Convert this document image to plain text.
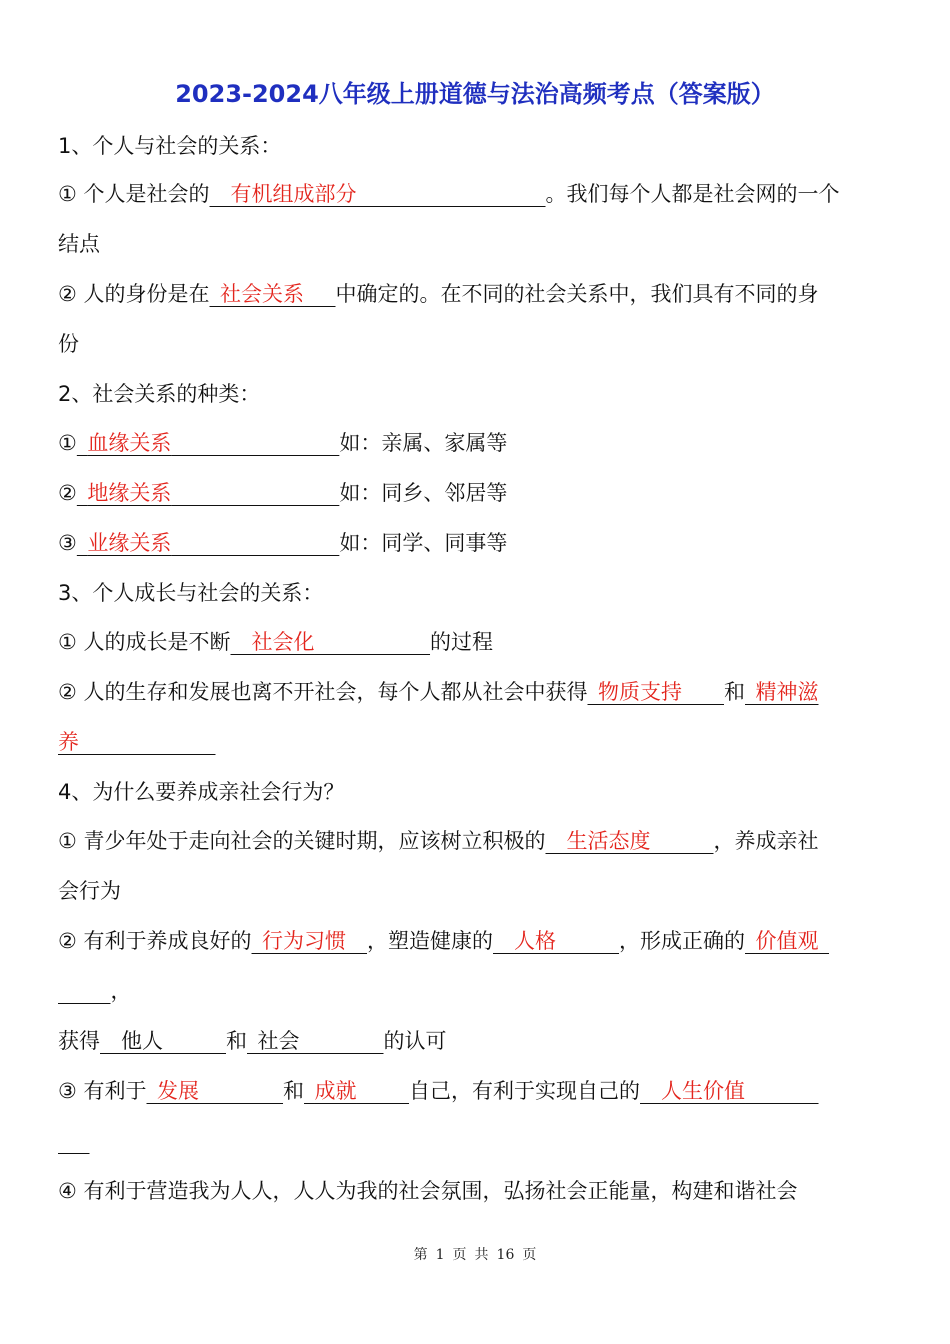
2023-2024八年级上册道德与法治高频考点（答案版）
1、个人与社会的关系：
① 个人是社会的  有机组成部分         	。我们每个人都是社会网的一个
结点
② 人的身份是在  社会关系   中确定的。在不同的社会关系中，我们具有不同的身
份
2、社会关系的种类：
①  血缘关系        	如：亲属、家属等
②  地缘关系        	如：同乡、邻居等
③  业缘关系        	如：同学、同事等
3、个人成长与社会的关系：
① 人的成长是不断  社会化      	的过程
② 人的生存和发展也离不开社会，每个人都从社会中获得  物质支持   和  精神滋
养       
4、为什么要养成亲社会行为？
① 青少年处于走向社会的关键时期，应该树立积极的  生活态度   	，养成亲社
会行为
② 有利于养成良好的  行为习惯  ，塑造健康的  人格   	，形成正确的  价值观 
   ，
获得  他人   	和  社会    	的认可
③ 有利于  发展    	和  成就   	自己，有利于实现自己的  人生价值    

④ 有利于营造我为人人，人人为我的社会氛围，弘扬社会正能量，构建和谐社会
第 1 页 共 16 页
